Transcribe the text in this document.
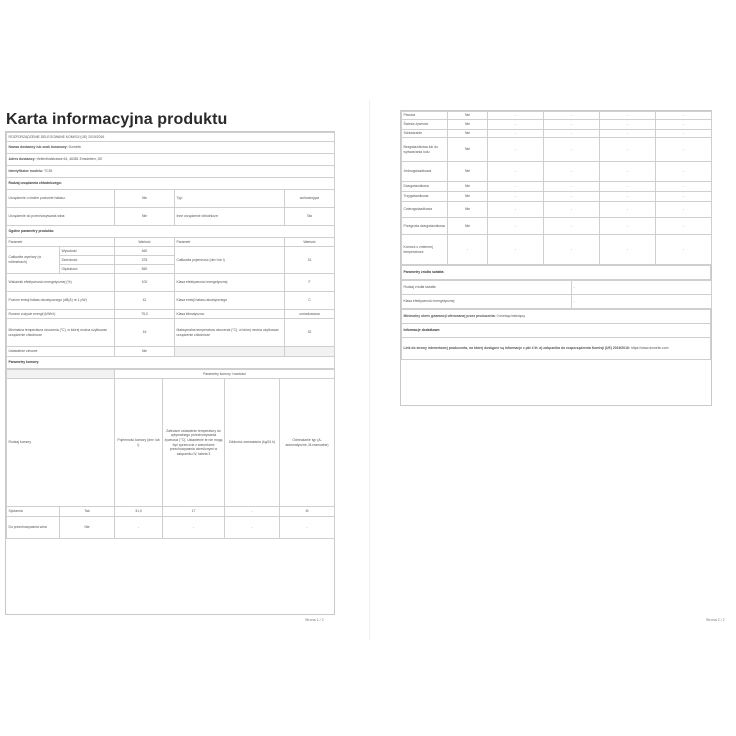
Karta informacyjna produktu
ROZPORZĄDZENIE DELEGOWANE KOMISJI (UE) 2019/2016				
Nazwa dostawcy lub znak towarowy: Dometic				
Adres dostawcy: Hellenthalstrasse 64, 46381 Emsdetten, DE				
Identyfikator modelu: TC35				
Rodzaj urządzenia chłodniczego:				
Urządzenie o niskim poziomie hałasu:		Nie	Typ:	wolnostojące
Urządzenie do przechowywania wina:		Nie	Inne urządzenie chłodnicze:	Tak
Ogólne parametry produktu:				
Parametr		Wartość	Parametr	Wartość
Całkowite wymiary (w milimetrach)	Wysokość	460	Całkowita pojemność (dm³ lub l)	31
	Szerokość	378		
	Głębokość	550		
Wskaźnik efektywności energetycznej (%)		100	Klasa efektywności energetycznej	F
Poziom emisji hałasu akustycznego (dB(A) re 1 pW)		42	Klasa emisji hałasu akustycznego	C
Roczne zużycie energii (kWh/r)		75,0	Klasa klimatyczna:	umiarkowana
Minimalna temperatura otoczenia (°C), w której można użytkować urządzenie chłodnicze		16	Maksymalna temperatura otoczenia (°C), w której można użytkować urządzenie chłodnicze	32
Ustawienie zimowe		Nie		
Parametry komory:				
		Parametry komory i wartości			
Rodzaj komory		Pojemność komory (dm³ lub l)	Zalecane ustawienie temperatury do optymalnego przechowywania żywności (°C). Ustawienie te nie mogą być sprzeczne z warunkami przechowywania określonymi w załączniku IV, tabela 3	Zdolność zamrażania (kg/24 h)	Odmrażanie typ (A-automatyczne, M-manualne)
Spiżarnia	Tak	31,0	17	-	M
Do przechowywania wina	Nie	-	-	-	-
Strona 1 / 2
Piwnica	Nie	-	-	-	-
Świeża żywność	Nie	-	-	-	-
Schładzanie	Nie	-	-	-	-
Bezgwiazdkowa lub do wytwarzania lodu	Nie	-	-	-	-
Jednogwiazdkowa	Nie	-	-	-	-
Dwugwiazdkowa	Nie	-	-	-	-
Trzygwiazdkowa	Nie	-	-	-	-
Czterogwiazdkowa	Nie	-	-	-	-
Przegroda dwugwiazdkowa	Nie	-	-	-	-
Komora o zmiennej temperaturze	-	-	-	-	-
Parametry źródła światła:
Rodzaj źródła światła	-
Klasa efektywności energetycznej	-
Minimalny okres gwarancji oferowanej przez producenta: 0 miesiąc/miesięcy
Informacje dodatkowe:
Link do strony internetowej producenta, na której dostępne są informacje z pkt 4 lit. a) załącznika do rozporządzenia Komisji (UE) 2019/2016: https://www.dometic.com
Strona 2 / 2
